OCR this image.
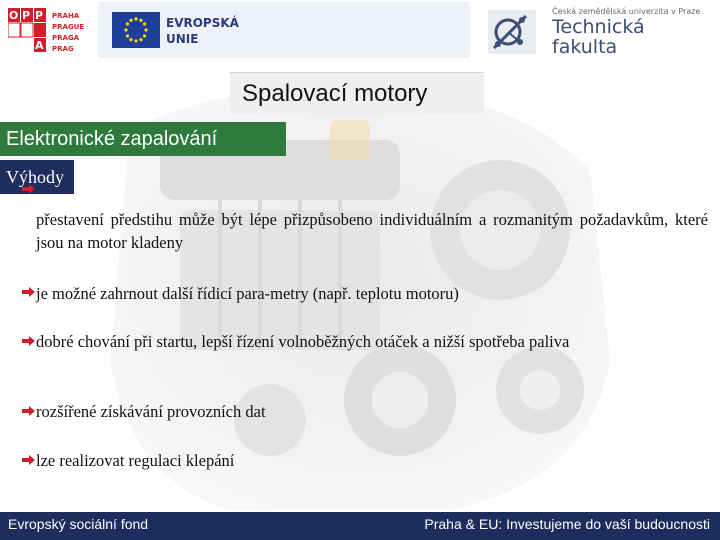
O P P
A
PRAHA
PRAGUE
PRAGA
PRAG
EVROPSKÁ
UNIE
Česká zemědělská univerzita v Praze
Technická
fakulta
Spalovací motory
Elektronické zapalování
Výhody
přestavení předstihu může být lépe přizpůsobeno individuálním a rozmanitým požadavkům, které jsou na motor kladeny
je možné zahrnout další řídicí para-metry (např. teplotu motoru)
dobré chování při startu, lepší řízení volnoběžných otáček a nižší spotřeba paliva
rozšířené získávání provozních dat
lze realizovat regulaci klepání
Evropský sociální fond	Praha & EU: Investujeme do vaší budoucnosti
